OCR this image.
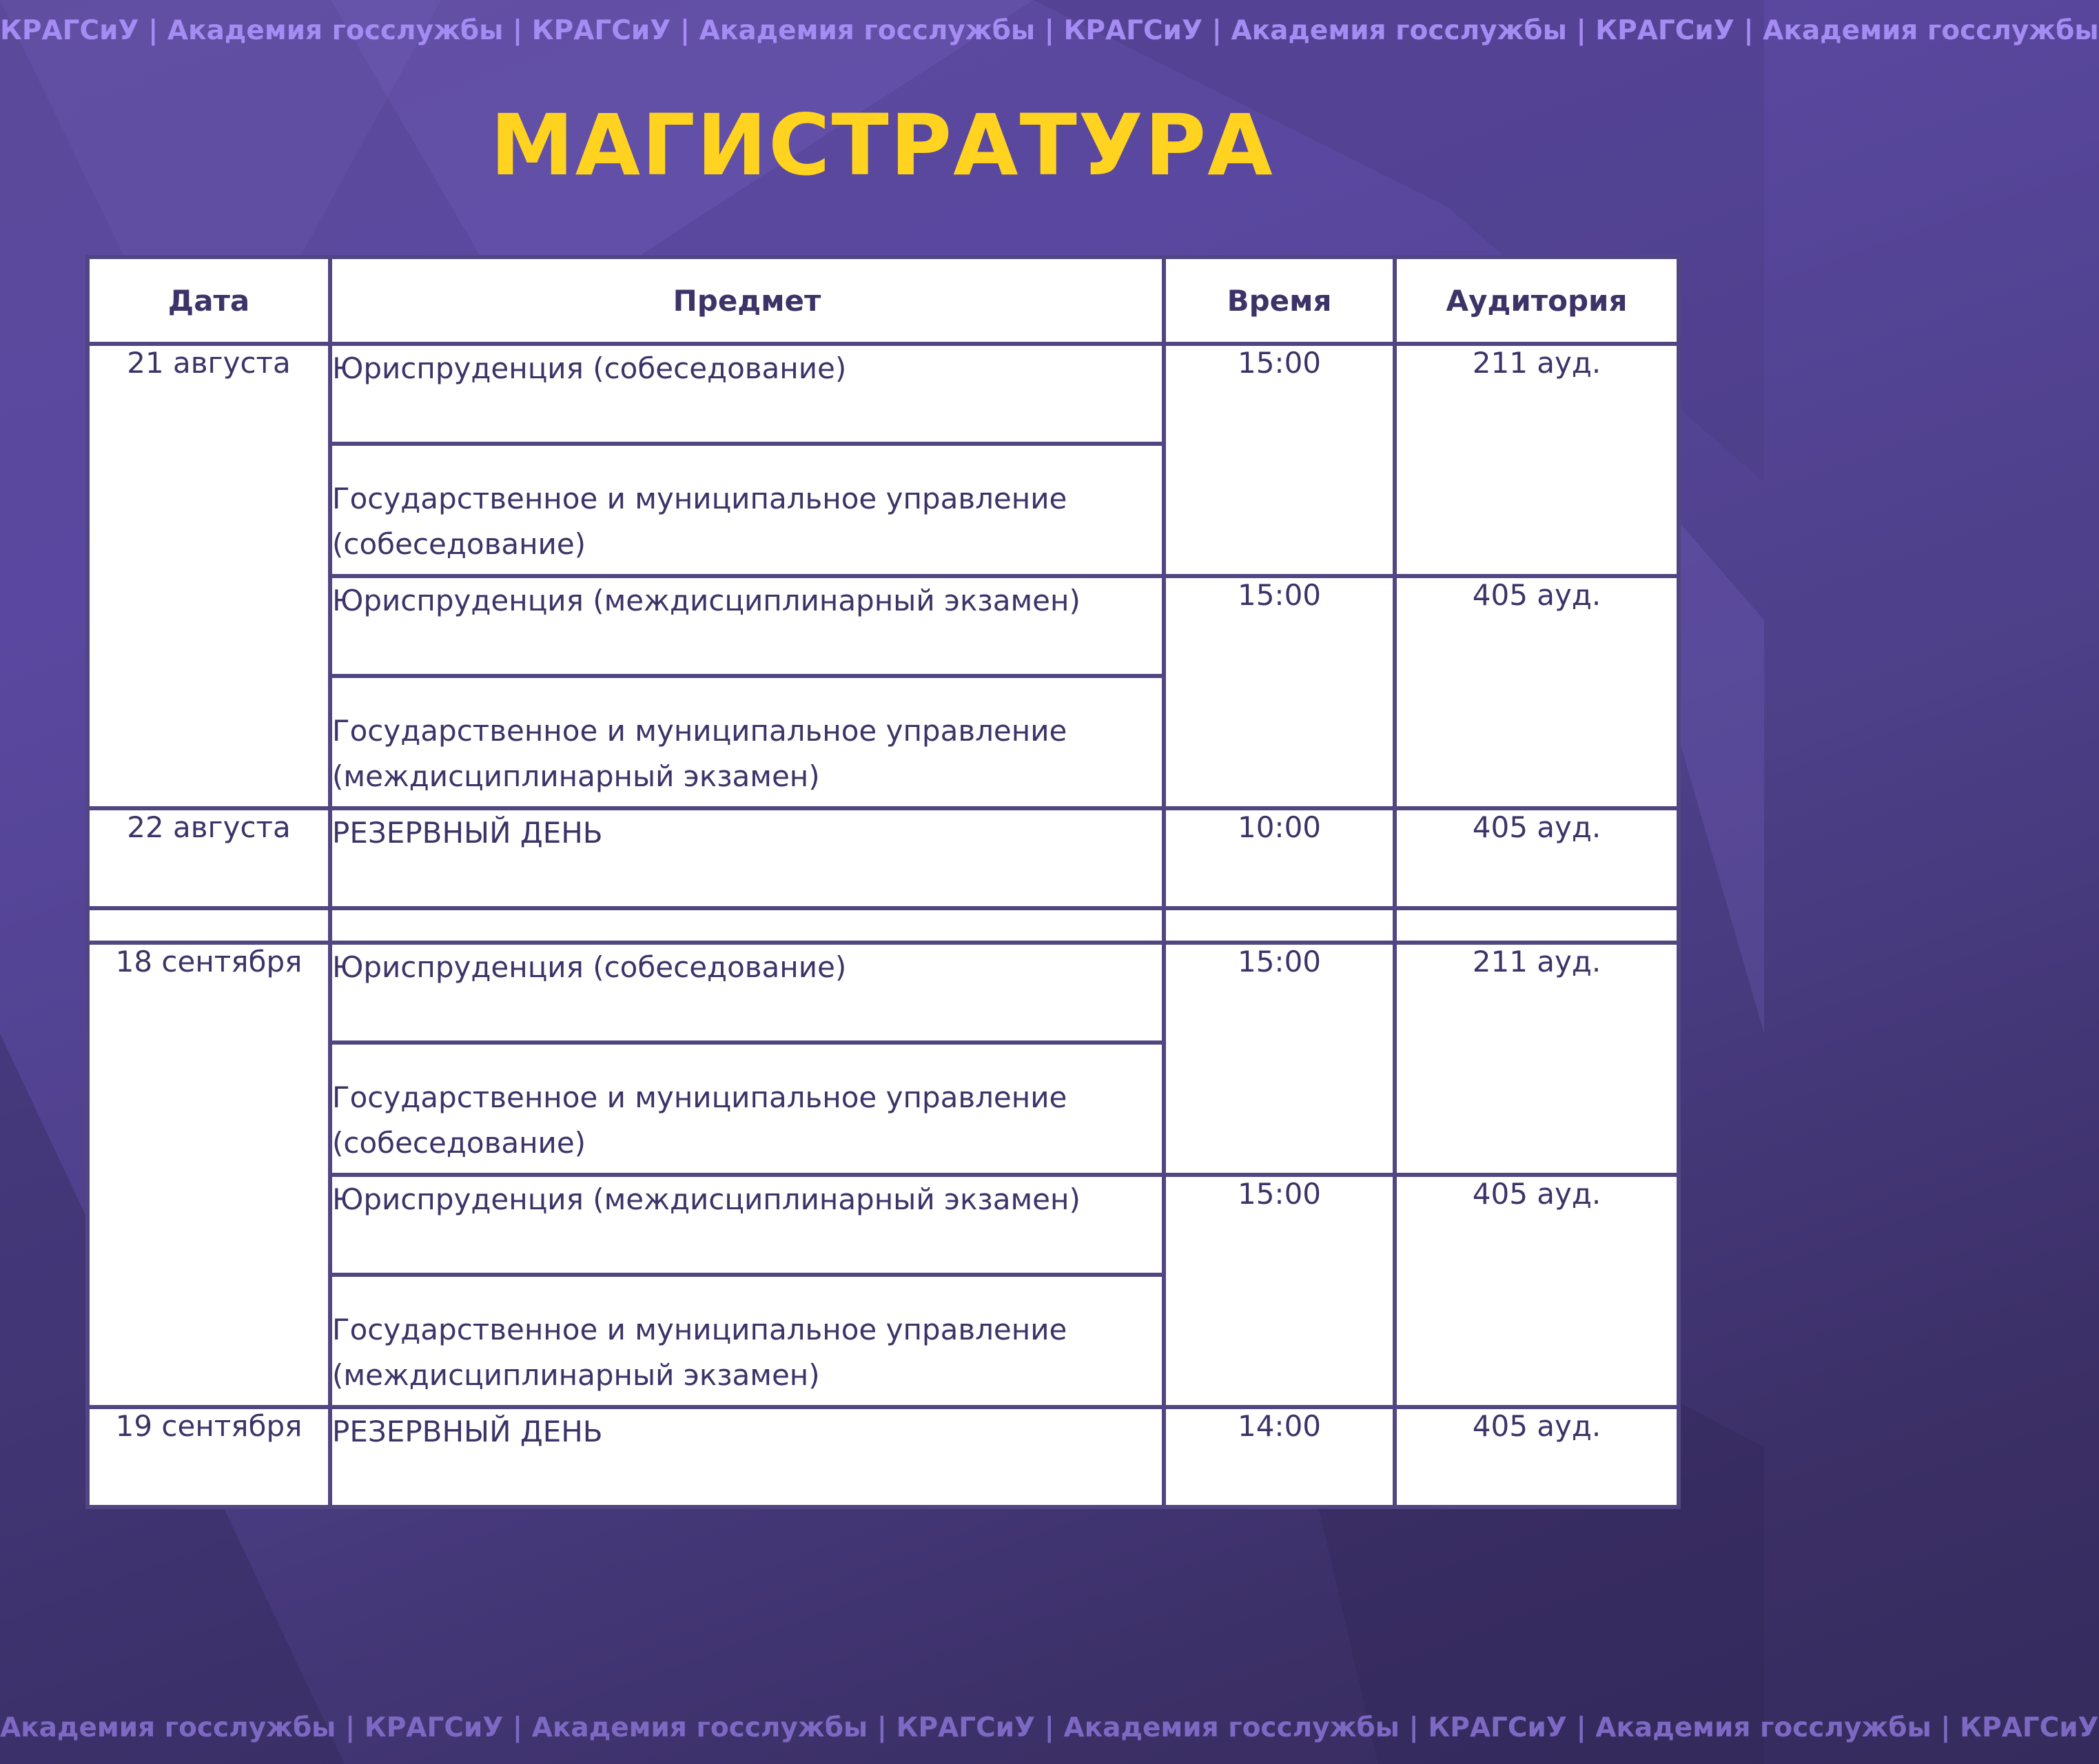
КРАГСиУ | Академия госслужбы | КРАГСиУ | Академия госслужбы | КРАГСиУ | Академия госслужбы | КРАГСиУ | Академия госслужбы
МАГИСТРАТУРА
Дата	Предмет	Время	Аудитория
21 августа	Юриспруденция (собеседование)	15:00	211 ауд.
	Государственное и муниципальное управление (собеседование)		
	Юриспруденция (междисциплинарный экзамен)	15:00	405 ауд.
	Государственное и муниципальное управление (междисциплинарный экзамен)		
22 августа	РЕЗЕРВНЫЙ ДЕНЬ	10:00	405 ауд.

18 сентября	Юриспруденция (собеседование)	15:00	211 ауд.
	Государственное и муниципальное управление (собеседование)		
	Юриспруденция (междисциплинарный экзамен)	15:00	405 ауд.
	Государственное и муниципальное управление (междисциплинарный экзамен)		
19 сентября	РЕЗЕРВНЫЙ ДЕНЬ	14:00	405 ауд.
Академия госслужбы | КРАГСиУ | Академия госслужбы | КРАГСиУ | Академия госслужбы | КРАГСиУ | Академия госслужбы | КРАГСиУ
